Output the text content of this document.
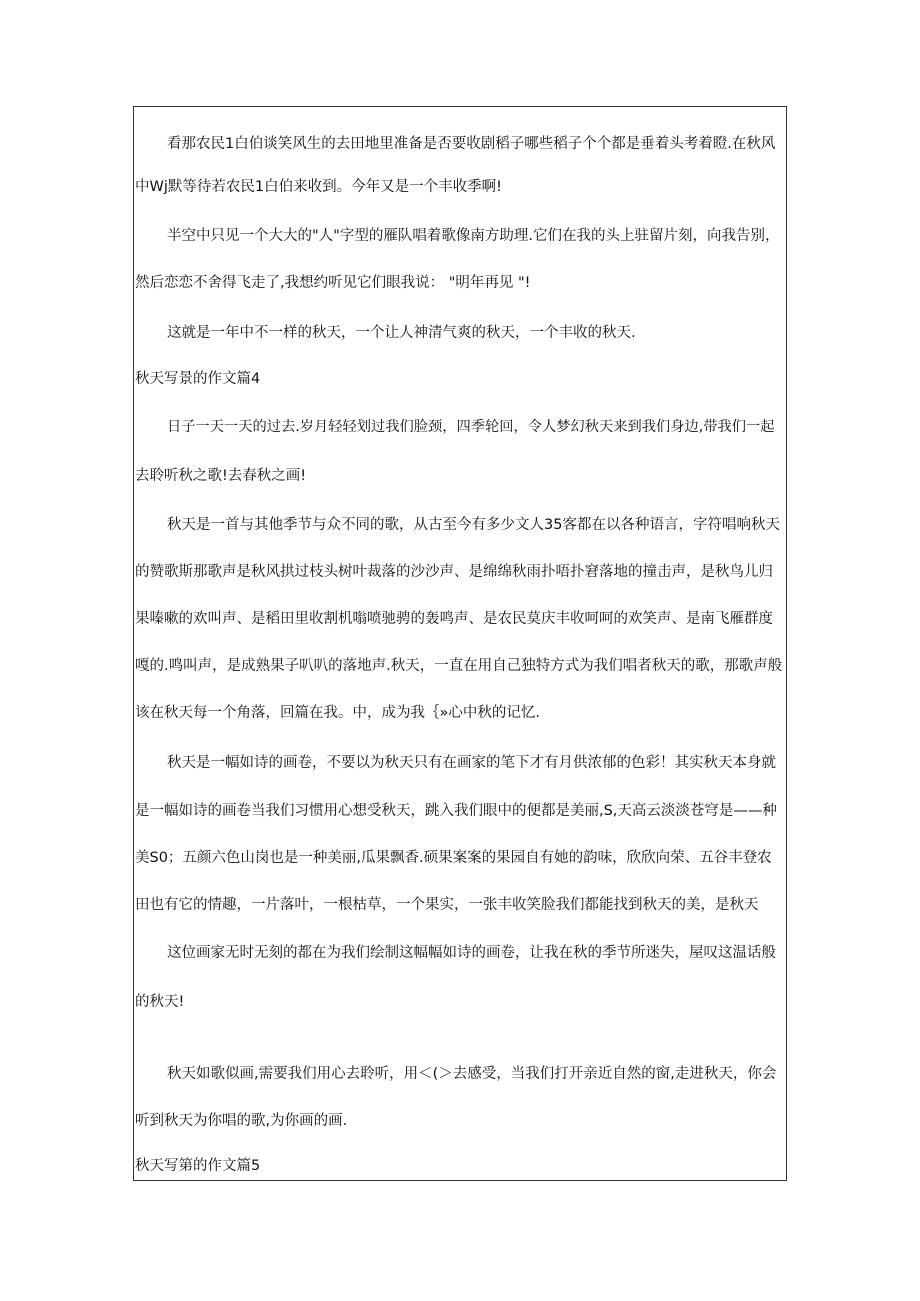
看那农民1白伯谈笑风生的去田地里准备是否要收剧稻子哪些稻子个个都是垂着头考着瞪.在秋风
中Wj默等待若农民1白伯来收到。今年又是一个丰收季啊!
半空中只见一个大大的"人"字型的雁队唱着歌像南方助理.它们在我的头上驻留片刻，向我告别，
然后恋恋不舍得飞走了,我想约听见它们眼我说： "明年再见 "!
这就是一年中不一样的秋天，一个让人神清气爽的秋天，一个丰收的秋天.
秋天写景的作文篇4
日子一天一天的过去.岁月轻轻划过我们脸颈，四季轮回，令人梦幻秋天来到我们身边,带我们一起
去聆听秋之歌!去春秋之画!
秋天是一首与其他季节与众不同的歌，从古至今有多少文人35客都在以各种语言，字符唱响秋天
的赞歌斯那歌声是秋风拱过枝头树叶裁落的沙沙声、是绵绵秋雨扑唔扑窘落地的撞击声，是秋鸟儿归
果嗪嗽的欢叫声、是稻田里收割机嗡喷驰骋的轰鸣声、是农民莫庆丰收呵呵的欢笑声、是南飞雁群度
嘎的.鸣叫声，是成熟果子叭叭的落地声.秋天，一直在用自己独特方式为我们唱者秋天的歌，那歌声般
该在秋天每一个角落，回篇在我。中，成为我｛»心中秋的记忆.
秋天是一幅如诗的画卷，不要以为秋天只有在画家的笔下才有月供浓郁的色彩！其实秋天本身就
是一幅如诗的画卷当我们习惯用心想受秋天，跳入我们眼中的便都是美丽,S,天高云淡淡苍穹是——种
美S0；五颜六色山岗也是一种美丽,瓜果飘香.硕果案案的果园自有她的韵味，欣欣向荣、五谷丰登农
田也有它的情趣，一片落叶，一根枯草，一个果实，一张丰收笑脸我们都能找到秋天的美，是秋天
这位画家无时无刻的都在为我们绘制这幅幅如诗的画卷，让我在秋的季节所迷失，屋叹这温话般
的秋天!
秋天如歌似画,需要我们用心去聆听，用＜(＞去感受，当我们打开亲近自然的窗,走进秋天，你会
听到秋天为你唱的歌,为你画的画.
秋天写第的作文篇5
